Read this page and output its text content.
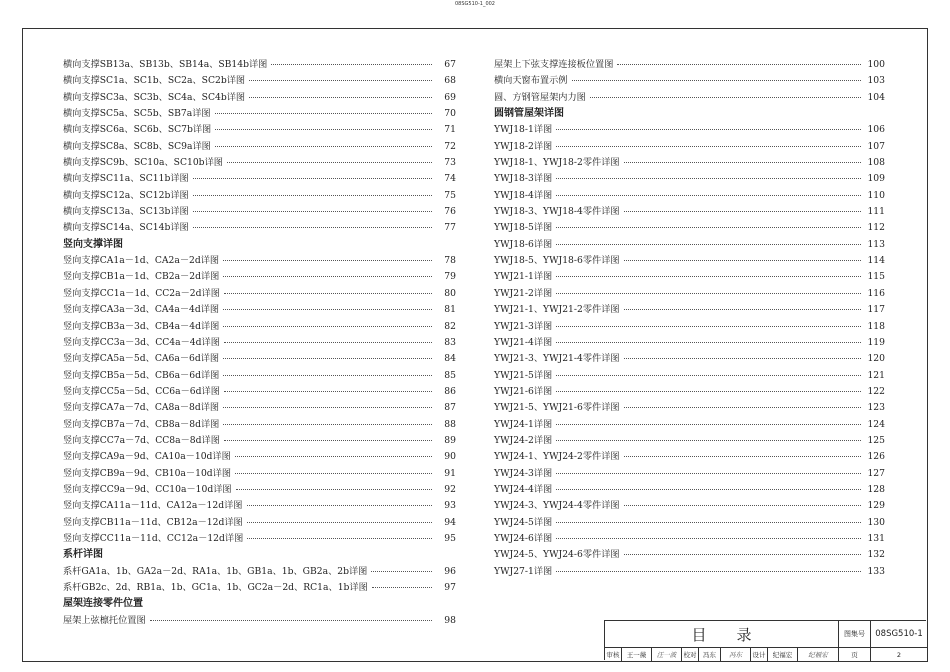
08SG510-1_002
横向支撑SB13a、SB13b、SB14a、SB14b详图	67
横向支撑SC1a、SC1b、SC2a、SC2b详图	68
横向支撑SC3a、SC3b、SC4a、SC4b详图	69
横向支撑SC5a、SC5b、SB7a详图	70
横向支撑SC6a、SC6b、SC7b详图	71
横向支撑SC8a、SC8b、SC9a详图	72
横向支撑SC9b、SC10a、SC10b详图	73
横向支撑SC11a、SC11b详图	74
横向支撑SC12a、SC12b详图	75
横向支撑SC13a、SC13b详图	76
横向支撑SC14a、SC14b详图	77
竖向支撑详图
竖向支撑CA1a－1d、CA2a－2d详图	78
竖向支撑CB1a－1d、CB2a－2d详图	79
竖向支撑CC1a－1d、CC2a－2d详图	80
竖向支撑CA3a－3d、CA4a－4d详图	81
竖向支撑CB3a－3d、CB4a－4d详图	82
竖向支撑CC3a－3d、CC4a－4d详图	83
竖向支撑CA5a－5d、CA6a－6d详图	84
竖向支撑CB5a－5d、CB6a－6d详图	85
竖向支撑CC5a－5d、CC6a－6d详图	86
竖向支撑CA7a－7d、CA8a－8d详图	87
竖向支撑CB7a－7d、CB8a－8d详图	88
竖向支撑CC7a－7d、CC8a－8d详图	89
竖向支撑CA9a－9d、CA10a－10d详图	90
竖向支撑CB9a－9d、CB10a－10d详图	91
竖向支撑CC9a－9d、CC10a－10d详图	92
竖向支撑CA11a－11d、CA12a－12d详图	93
竖向支撑CB11a－11d、CB12a－12d详图	94
竖向支撑CC11a－11d、CC12a－12d详图	95
系杆详图
系杆GA1a、1b、GA2a－2d、RA1a、1b、GB1a、1b、GB2a、2b详图	96
系杆GB2c、2d、RB1a、1b、GC1a、1b、GC2a－2d、RC1a、1b详图	97
屋架连接零件位置
屋架上弦檩托位置图	98
屋架上下弦支撑连接板位置图	100
横向天窗布置示例	103
圆、方钢管屋架内力图	104
圆钢管屋架详图
YWJ18-1详图	106
YWJ18-2详图	107
YWJ18-1、YWJ18-2零件详图	108
YWJ18-3详图	109
YWJ18-4详图	110
YWJ18-3、YWJ18-4零件详图	111
YWJ18-5详图	112
YWJ18-6详图	113
YWJ18-5、YWJ18-6零件详图	114
YWJ21-1详图	115
YWJ21-2详图	116
YWJ21-1、YWJ21-2零件详图	117
YWJ21-3详图	118
YWJ21-4详图	119
YWJ21-3、YWJ21-4零件详图	120
YWJ21-5详图	121
YWJ21-6详图	122
YWJ21-5、YWJ21-6零件详图	123
YWJ24-1详图	124
YWJ24-2详图	125
YWJ24-1、YWJ24-2零件详图	126
YWJ24-3详图	127
YWJ24-4详图	128
YWJ24-3、YWJ24-4零件详图	129
YWJ24-5详图	130
YWJ24-6详图	131
YWJ24-5、YWJ24-6零件详图	132
YWJ27-1详图	133
目录	图集号	08SG510-1
审核	王一薇	汪一波	校对	冯东	冯东	设计	纪福宏	纪福宏	页	2
